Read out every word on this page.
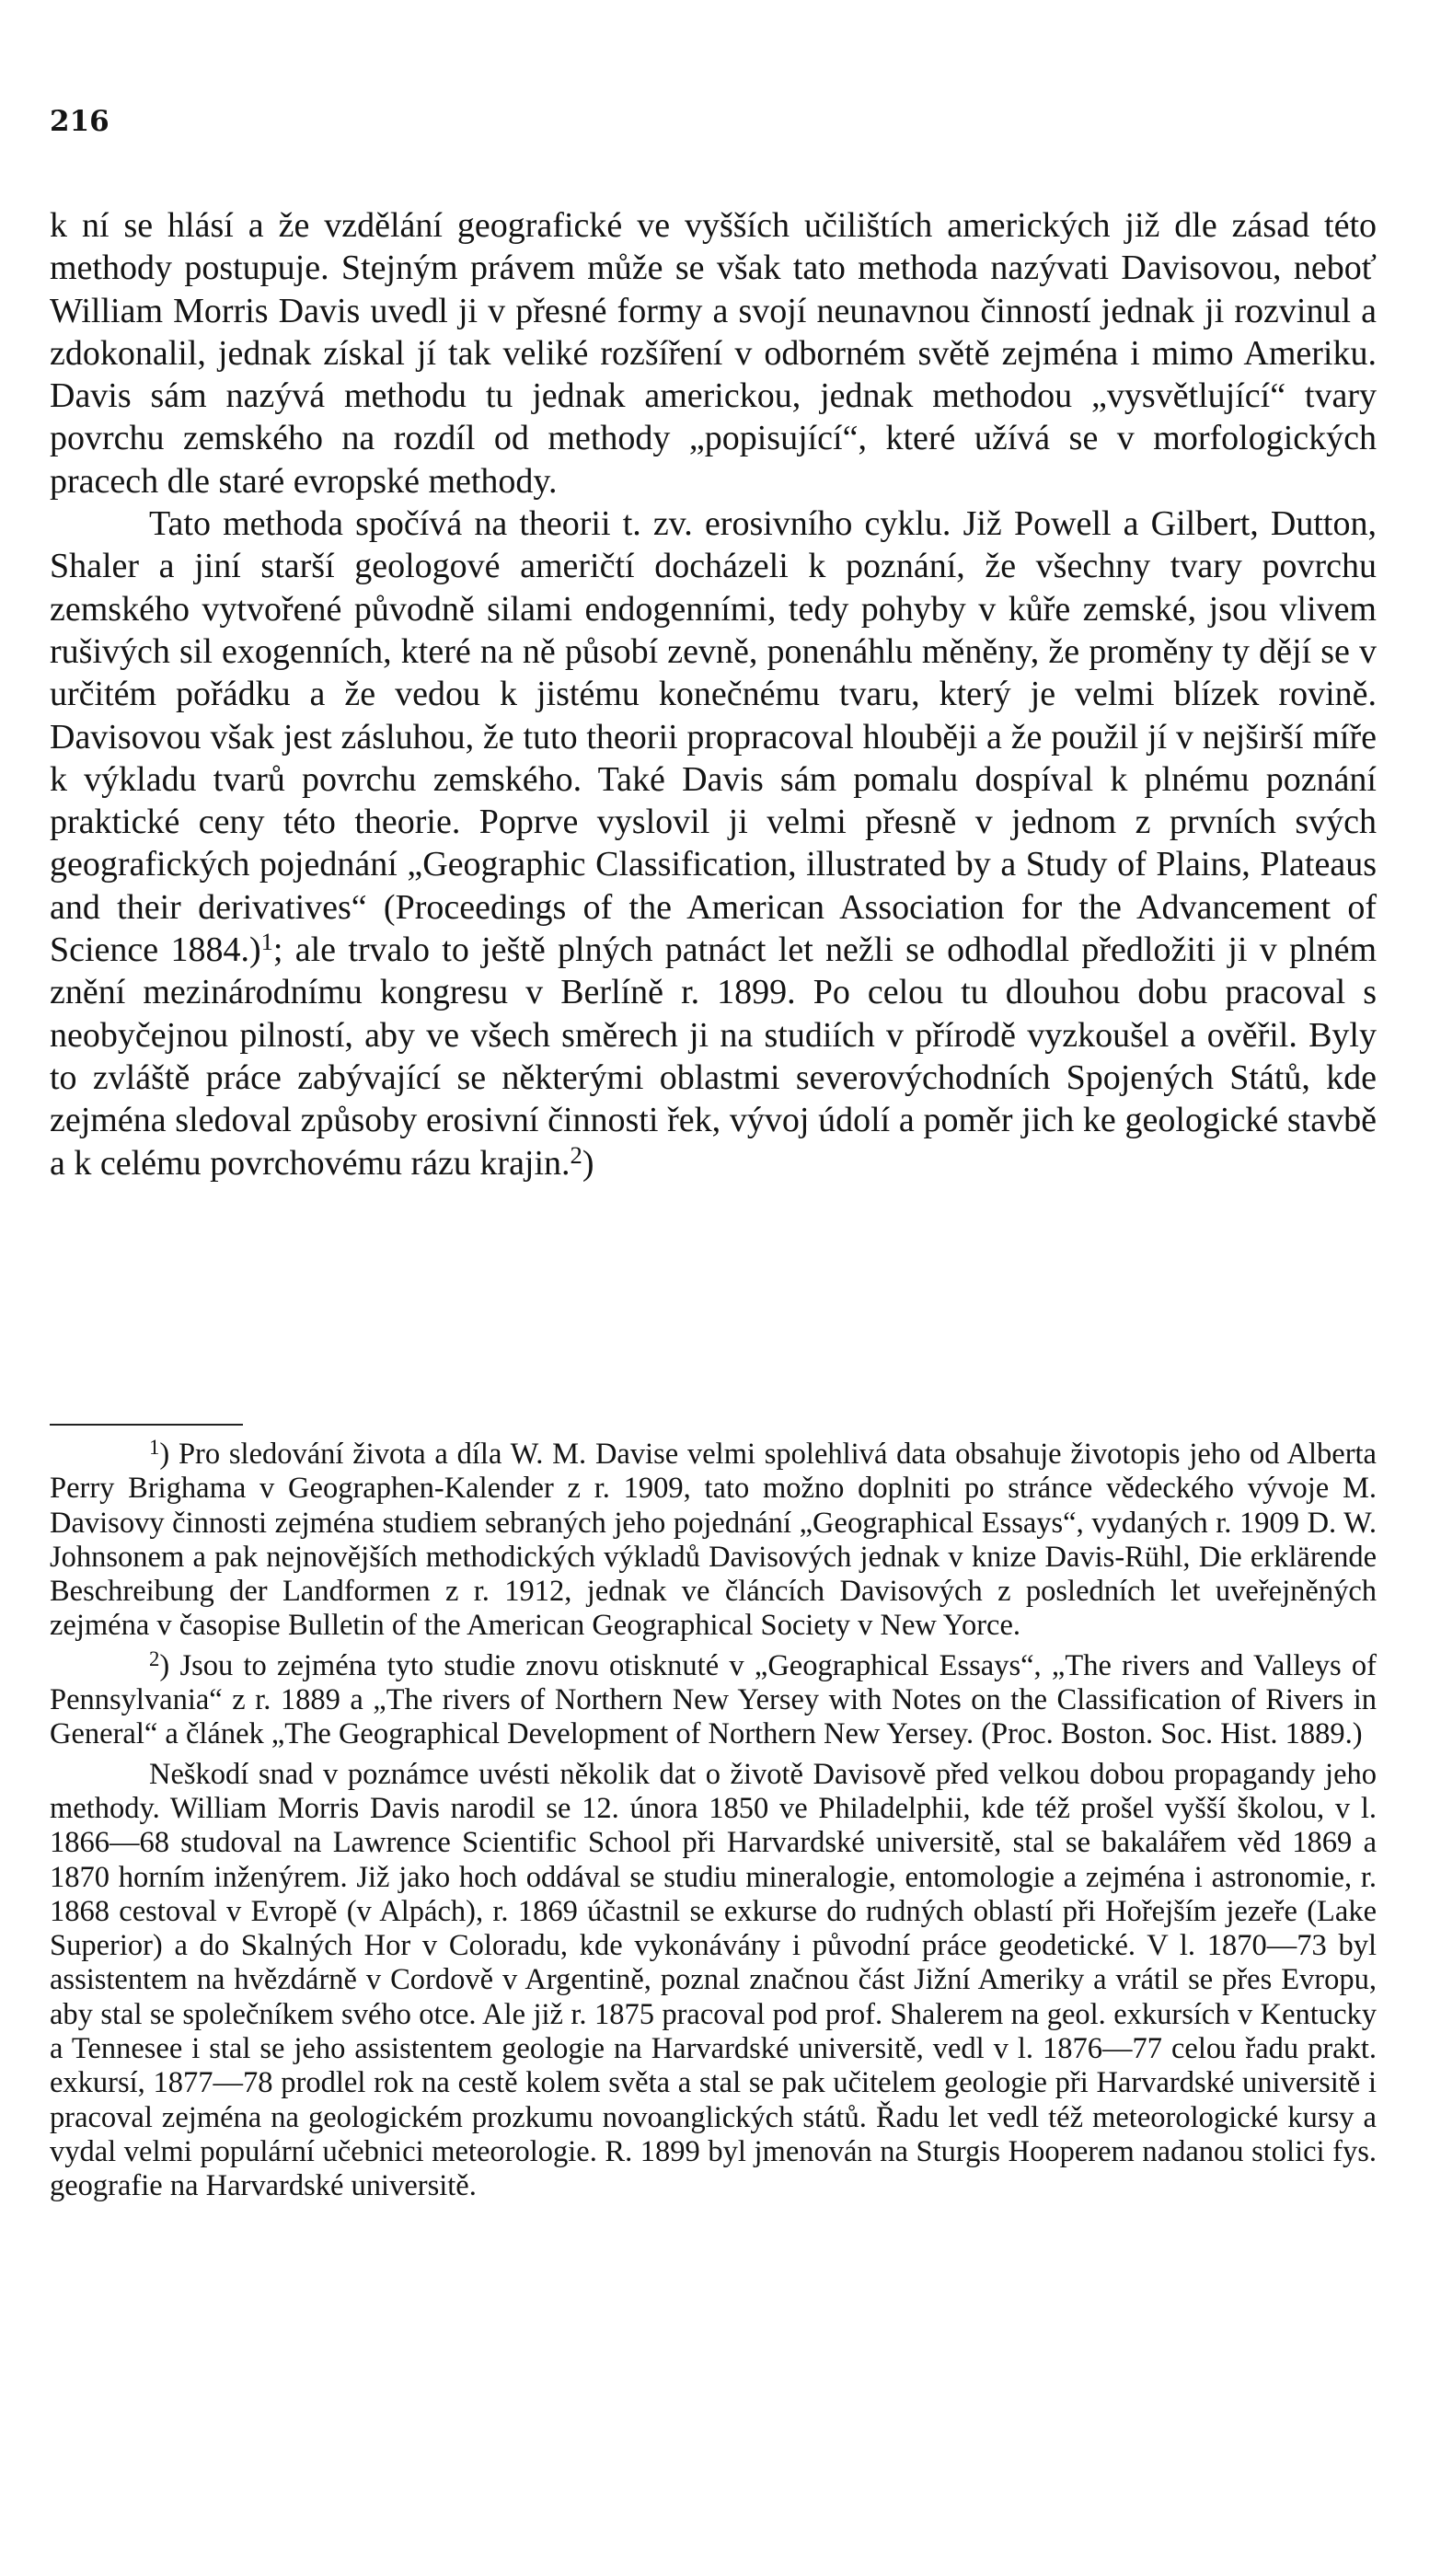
216

k ní se hlásí a že vzdělání geografické ve vyšších učilištích amerických již dle zásad této methody postupuje. Stejným právem může se však tato methoda nazývati Davisovou, neboť William Morris Davis uvedl ji v přesné formy a svojí neunavnou činností jednak ji rozvinul a zdokonalil, jednak získal jí tak veliké rozšíření v odborném světě zejména i mimo Ameriku. Davis sám nazývá methodu tu jednak americkou, jednak methodou „vysvětlující“ tvary povrchu zemského na rozdíl od methody „popisující“, které užívá se v morfologických pracech dle staré evropské methody.

Tato methoda spočívá na theorii t. zv. erosivního cyklu. Již Powell a Gilbert, Dutton, Shaler a jiní starší geologové američtí docházeli k poznání, že všechny tvary povrchu zemského vytvořené původně silami endogenními, tedy pohyby v kůře zemské, jsou vlivem rušivých sil exogenních, které na ně působí zevně, ponenáhlu měněny, že proměny ty dějí se v určitém pořádku a že vedou k jistému konečnému tvaru, který je velmi blízek rovině. Davisovou však jest zásluhou, že tuto theorii propracoval hlouběji a že použil jí v nejširší míře k výkladu tvarů povrchu zemského. Také Davis sám pomalu dospíval k plnému poznání praktické ceny této theorie. Poprve vyslovil ji velmi přesně v jednom z prvních svých geografických pojednání „Geographic Classification, illustrated by a Study of Plains, Plateaus and their derivatives“ (Proceedings of the American Association for the Advancement of Science 1884.)$^1$; ale trvalo to ještě plných patnáct let nežli se odhodlal předložiti ji v plném znění mezinárodnímu kongresu v Berlíně r. 1899. Po celou tu dlouhou dobu pracoval s neobyčejnou pilností, aby ve všech směrech ji na studiích v přírodě vyzkoušel a ověřil. Byly to zvláště práce zabývající se některými oblastmi severovýchodních Spojených Států, kde zejména sledoval způsoby erosivní činnosti řek, vývoj údolí a poměr jich ke geologické stavbě a k celému povrchovému rázu krajin.$^2$)

$^1$) Pro sledování života a díla W. M. Davise velmi spolehlivá data obsahuje životopis jeho od Alberta Perry Brighama v Geographen-Kalender z r. 1909, tato možno doplniti po stránce vědeckého vývoje M. Davisovy činnosti zejména studiem sebraných jeho pojednání „Geographical Essays“, vydaných r. 1909 D. W. Johnsonem a pak nejnovějších methodických výkladů Davisových jednak v knize Davis-Rühl, Die erklärende Beschreibung der Landformen z r. 1912, jednak ve článcích Davisových z posledních let uveřejněných zejména v časopise Bulletin of the American Geographical Society v New Yorce.

$^2$) Jsou to zejména tyto studie znovu otisknuté v „Geographical Essays“, „The rivers and Valleys of Pennsylvania“ z r. 1889 a „The rivers of Northern New Yersey with Notes on the Classification of Rivers in General“ a článek „The Geographical Development of Northern New Yersey. (Proc. Boston. Soc. Hist. 1889.)

Neškodí snad v poznámce uvésti několik dat o životě Davisově před velkou dobou propagandy jeho methody. William Morris Davis narodil se 12. února 1850 ve Philadelphii, kde též prošel vyšší školou, v l. 1866—68 studoval na Lawrence Scientific School při Harvardské universitě, stal se bakalářem věd 1869 a 1870 horním inženýrem. Již jako hoch oddával se studiu mineralogie, entomologie a zejména i astronomie, r. 1868 cestoval v Evropě (v Alpách), r. 1869 účastnil se exkurse do rudných oblastí při Hořejším jezeře (Lake Superior) a do Skalných Hor v Coloradu, kde vykonávány i původní práce geodetické. V l. 1870—73 byl assistentem na hvězdárně v Cordově v Argentině, poznal značnou část Jižní Ameriky a vrátil se přes Evropu, aby stal se společníkem svého otce. Ale již r. 1875 pracoval pod prof. Shalerem na geol. exkursích v Kentucky a Tennesee i stal se jeho assistentem geologie na Harvardské universitě, vedl v l. 1876—77 celou řadu prakt. exkursí, 1877—78 prodlel rok na cestě kolem světa a stal se pak učitelem geologie při Harvardské universitě i pracoval zejména na geologickém prozkumu novoanglických států. Řadu let vedl též meteorologické kursy a vydal velmi populární učebnici meteorologie. R. 1899 byl jmenován na Sturgis Hooperem nadanou stolici fys. geografie na Harvardské universitě.
